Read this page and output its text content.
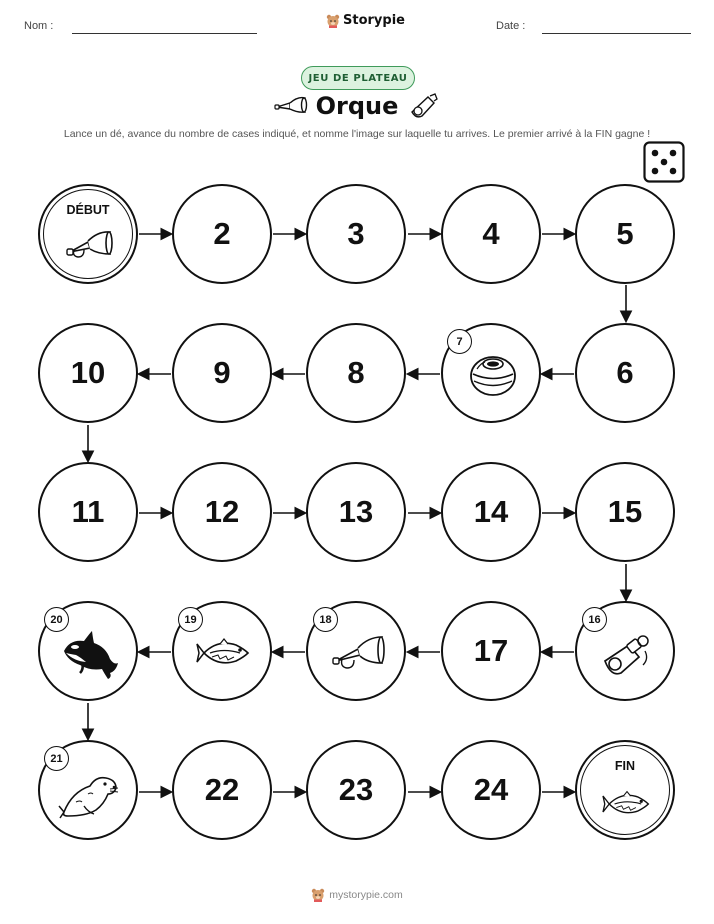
Nom :	Storypie	Date :
JEU DE PLATEAU
Orque
Lance un dé, avance du nombre de cases indiqué, et nomme l'image sur laquelle tu arrives. Le premier arrivé à la FIN gagne !
DÉBUT
2	3	4	5
10	9	8
7
6
11	12	13	14	15
20	19	18
17
16
21
22	23	24
FIN
mystorypie.com
